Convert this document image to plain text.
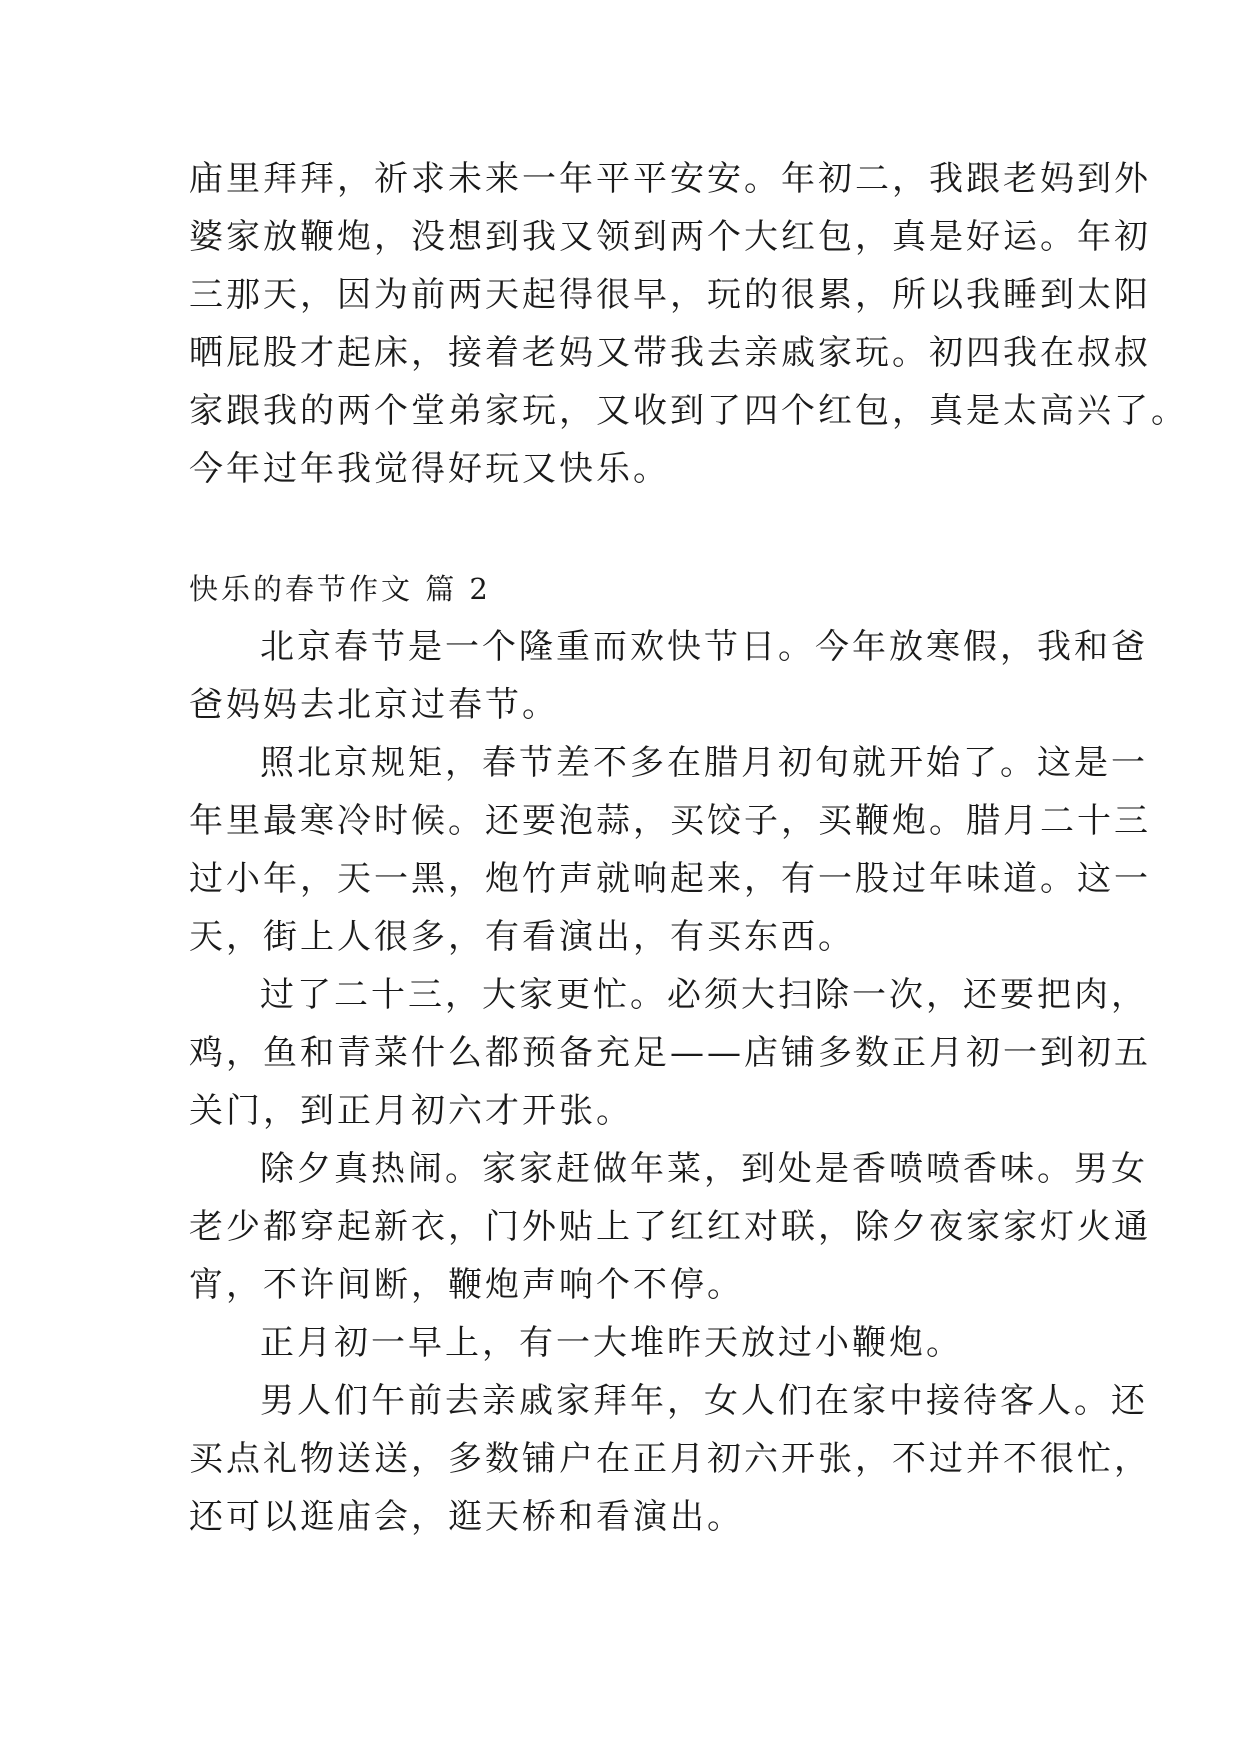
庙里拜拜，祈求未来一年平平安安。年初二，我跟老妈到外
婆家放鞭炮，没想到我又领到两个大红包，真是好运。年初
三那天，因为前两天起得很早，玩的很累，所以我睡到太阳
晒屁股才起床，接着老妈又带我去亲戚家玩。初四我在叔叔
家跟我的两个堂弟家玩，又收到了四个红包，真是太高兴了。
今年过年我觉得好玩又快乐。
快乐的春节作文 篇 2
北京春节是一个隆重而欢快节日。今年放寒假，我和爸
爸妈妈去北京过春节。
照北京规矩，春节差不多在腊月初旬就开始了。这是一
年里最寒冷时候。还要泡蒜，买饺子，买鞭炮。腊月二十三
过小年，天一黑，炮竹声就响起来，有一股过年味道。这一
天，街上人很多，有看演出，有买东西。
过了二十三，大家更忙。必须大扫除一次，还要把肉，
鸡，鱼和青菜什么都预备充足——店铺多数正月初一到初五
关门，到正月初六才开张。
除夕真热闹。家家赶做年菜，到处是香喷喷香味。男女
老少都穿起新衣，门外贴上了红红对联，除夕夜家家灯火通
宵，不许间断，鞭炮声响个不停。
正月初一早上，有一大堆昨天放过小鞭炮。
男人们午前去亲戚家拜年，女人们在家中接待客人。还
买点礼物送送，多数铺户在正月初六开张，不过并不很忙，
还可以逛庙会，逛天桥和看演出。
